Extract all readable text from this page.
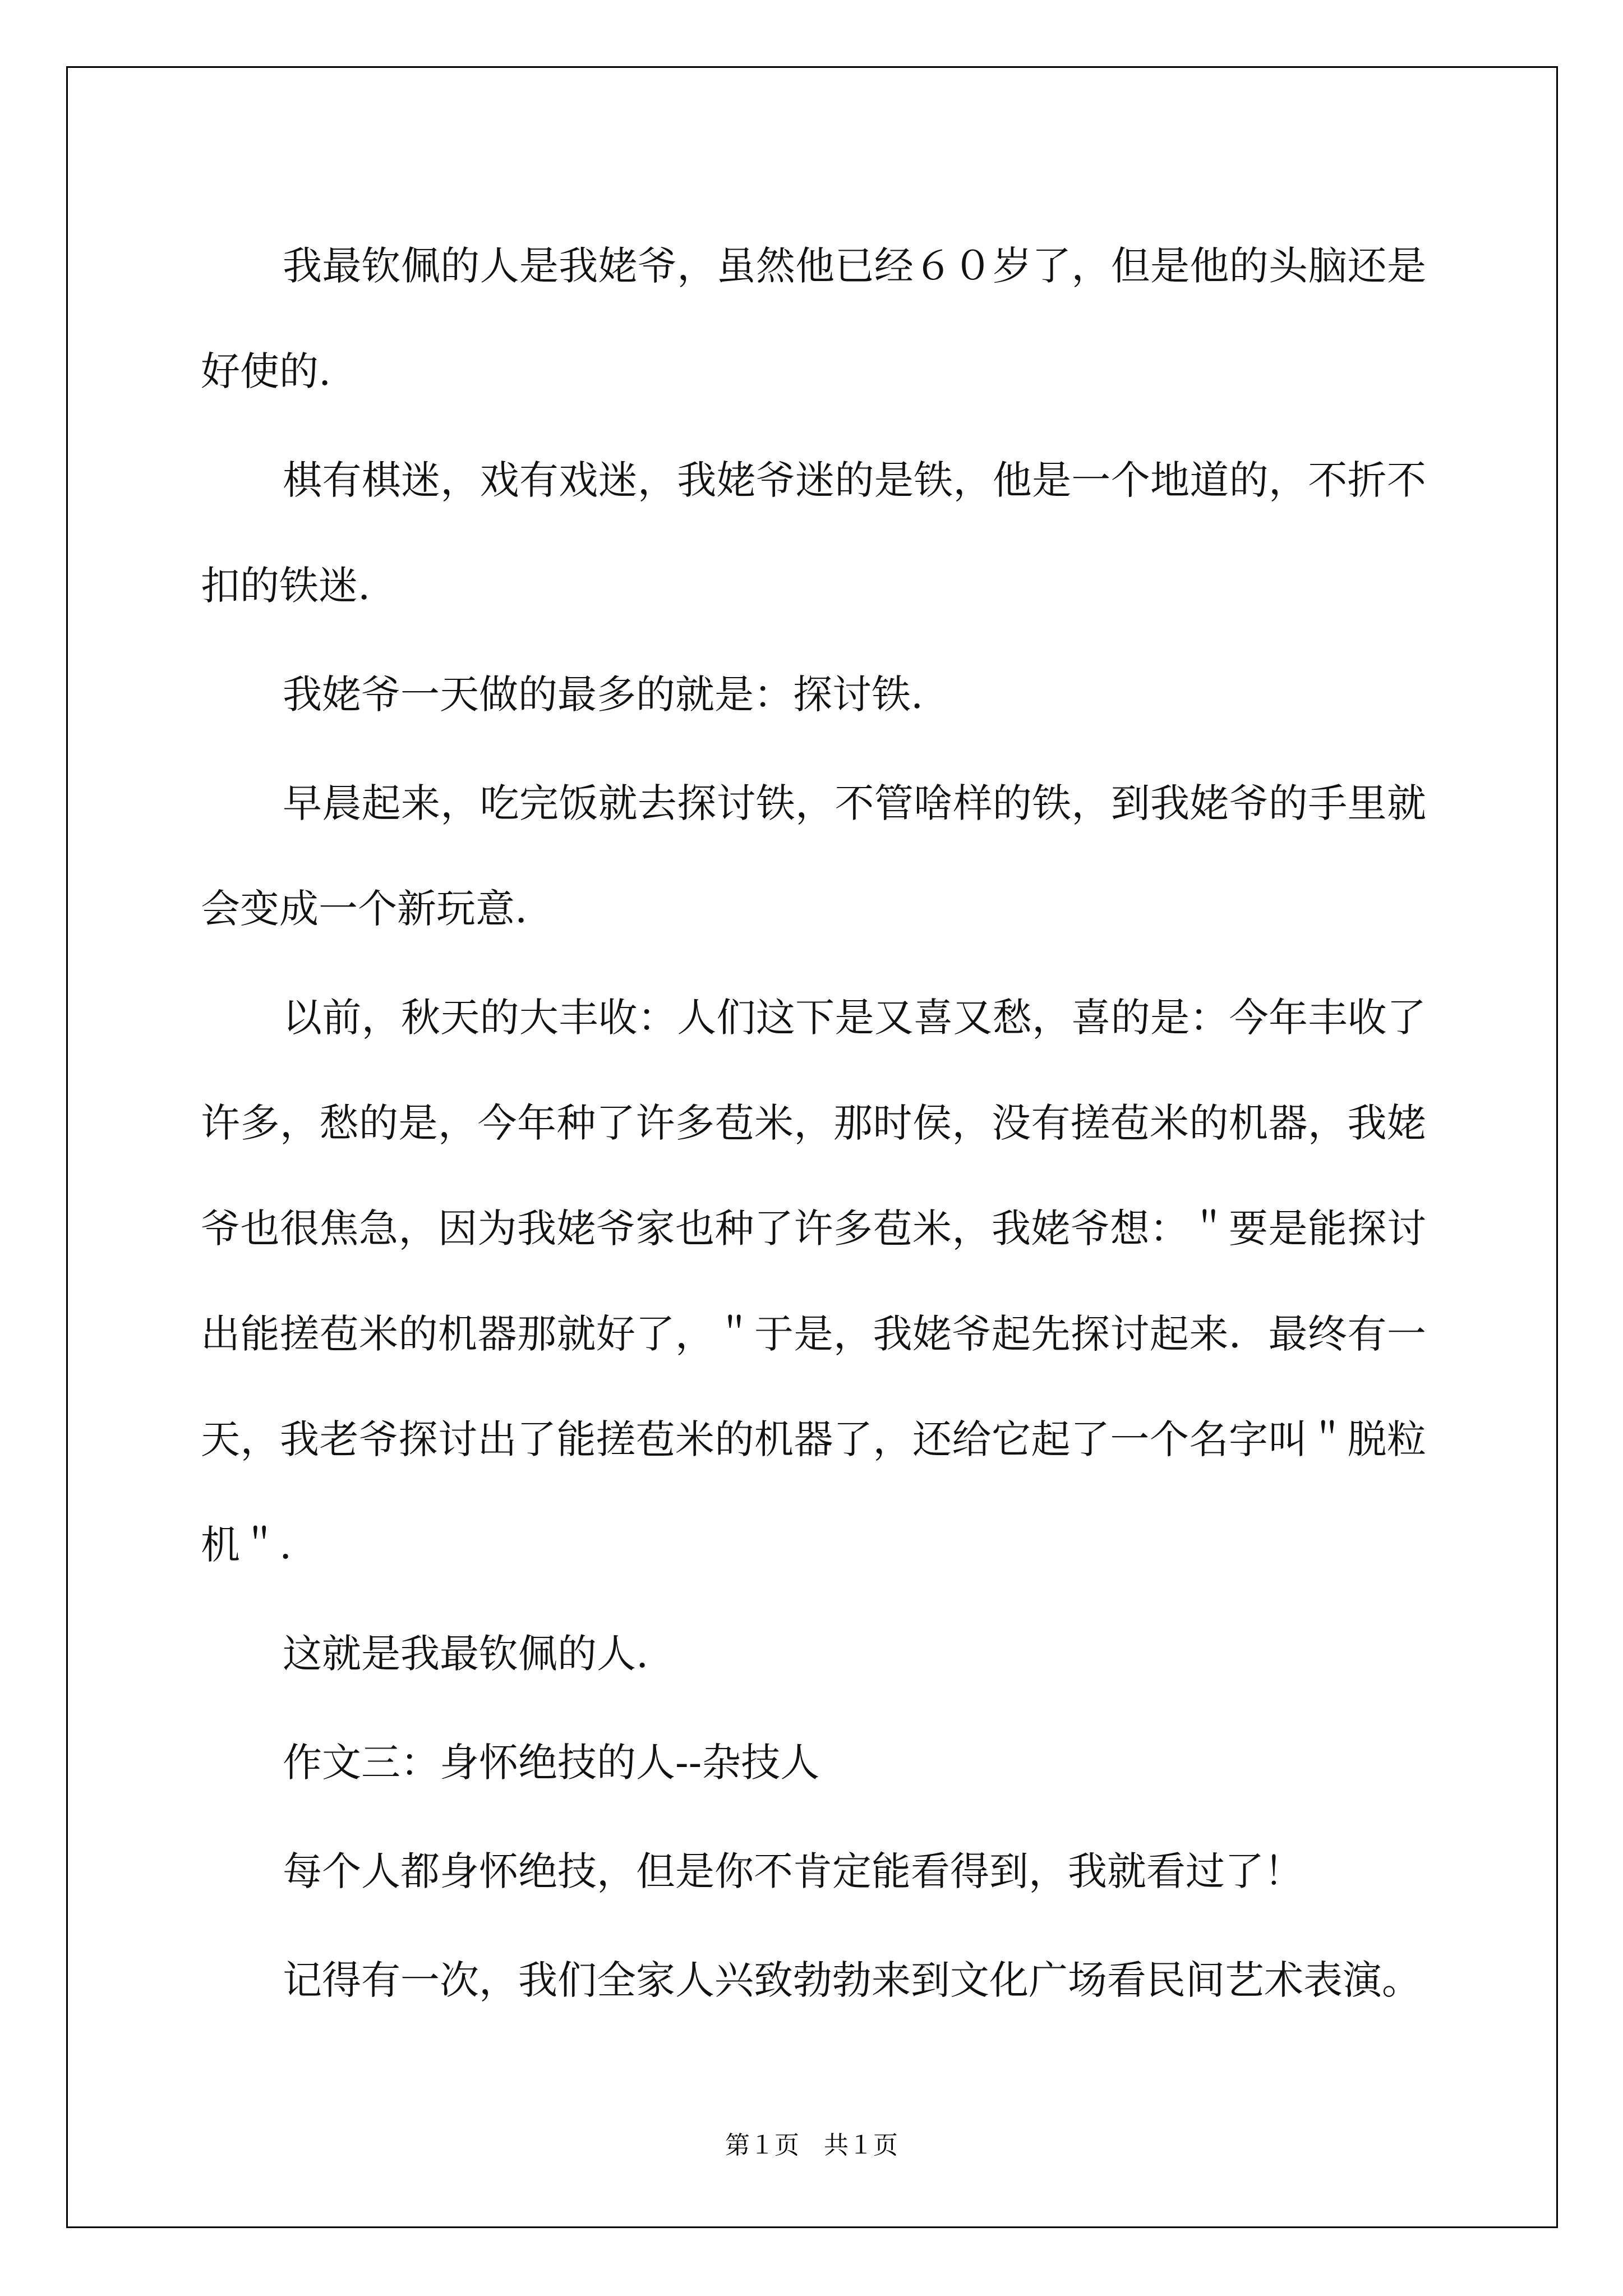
我最钦佩的人是我姥爷，虽然他已经６０岁了，但是他的头脑还是好使的.

棋有棋迷，戏有戏迷，我姥爷迷的是铁，他是一个地道的，不折不扣的铁迷.

我姥爷一天做的最多的就是：探讨铁.

早晨起来，吃完饭就去探讨铁，不管啥样的铁，到我姥爷的手里就会变成一个新玩意.

以前，秋天的大丰收：人们这下是又喜又愁，喜的是：今年丰收了许多，愁的是，今年种了许多苞米，那时侯，没有搓苞米的机器，我姥爷也很焦急，因为我姥爷家也种了许多苞米，我姥爷想：＂要是能探讨出能搓苞米的机器那就好了，＂于是，我姥爷起先探讨起来．最终有一天，我老爷探讨出了能搓苞米的机器了，还给它起了一个名字叫＂脱粒机＂.

这就是我最钦佩的人.

作文三：身怀绝技的人--杂技人

每个人都身怀绝技，但是你不肯定能看得到，我就看过了！

记得有一次，我们全家人兴致勃勃来到文化广场看民间艺术表演。

第１页　共１页
